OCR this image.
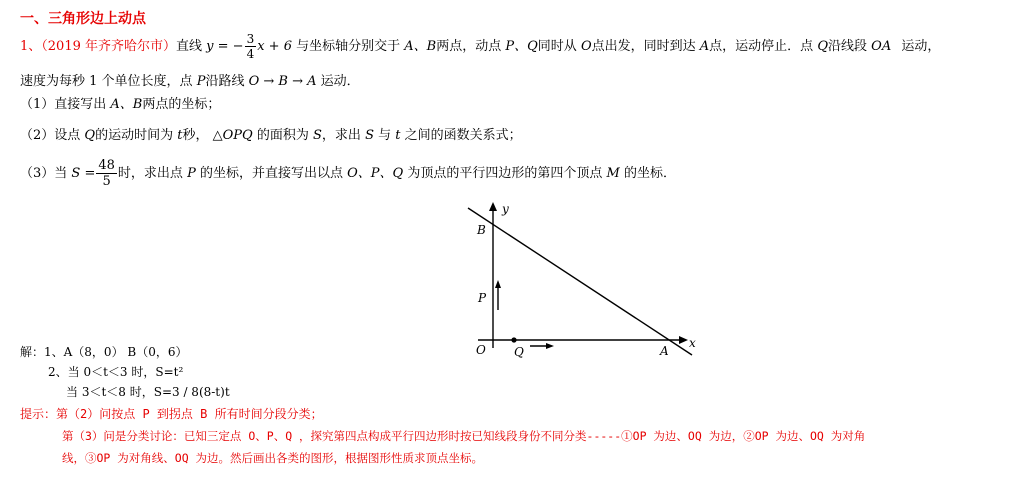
一、三角形边上动点
1、（2019 年齐齐哈尔市）直线 y = − $\frac{3}{4}$ x + 6 与坐标轴分别交于 A、B两点，动点 P、Q同时从 O点出发，同时到达 A点，运动停止．点 Q沿线段 OA 运动，
速度为每秒 1 个单位长度，点 P沿路线 O → B → A 运动．
（1）直接写出 A、B两点的坐标；
（2）设点 Q的运动时间为 t秒， △OPQ 的面积为 S，求出 S 与 t 之间的函数关系式；
（3）当 $S = \frac{48}{5}$ 时，求出点 P 的坐标，并直接写出以点 O、P、Q 为顶点的平行四边形的第四个顶点 M 的坐标．
y
B
P
O Q	A
x
解：1、A（8，0） B（0，6）
2、当 0＜t＜3 时，S=t²
当 3＜t＜8 时，S=3 / 8(8-t)t
提示：第（2）问按点 P 到拐点 B 所有时间分段分类；
第（3）问是分类讨论：已知三定点 O、P、Q ，探究第四点构成平行四边形时按已知线段身份不同分类-----①OP 为边、OQ 为边，②OP 为边、OQ 为对角
线，③OP 为对角线、OQ 为边。然后画出各类的图形，根据图形性质求顶点坐标。
